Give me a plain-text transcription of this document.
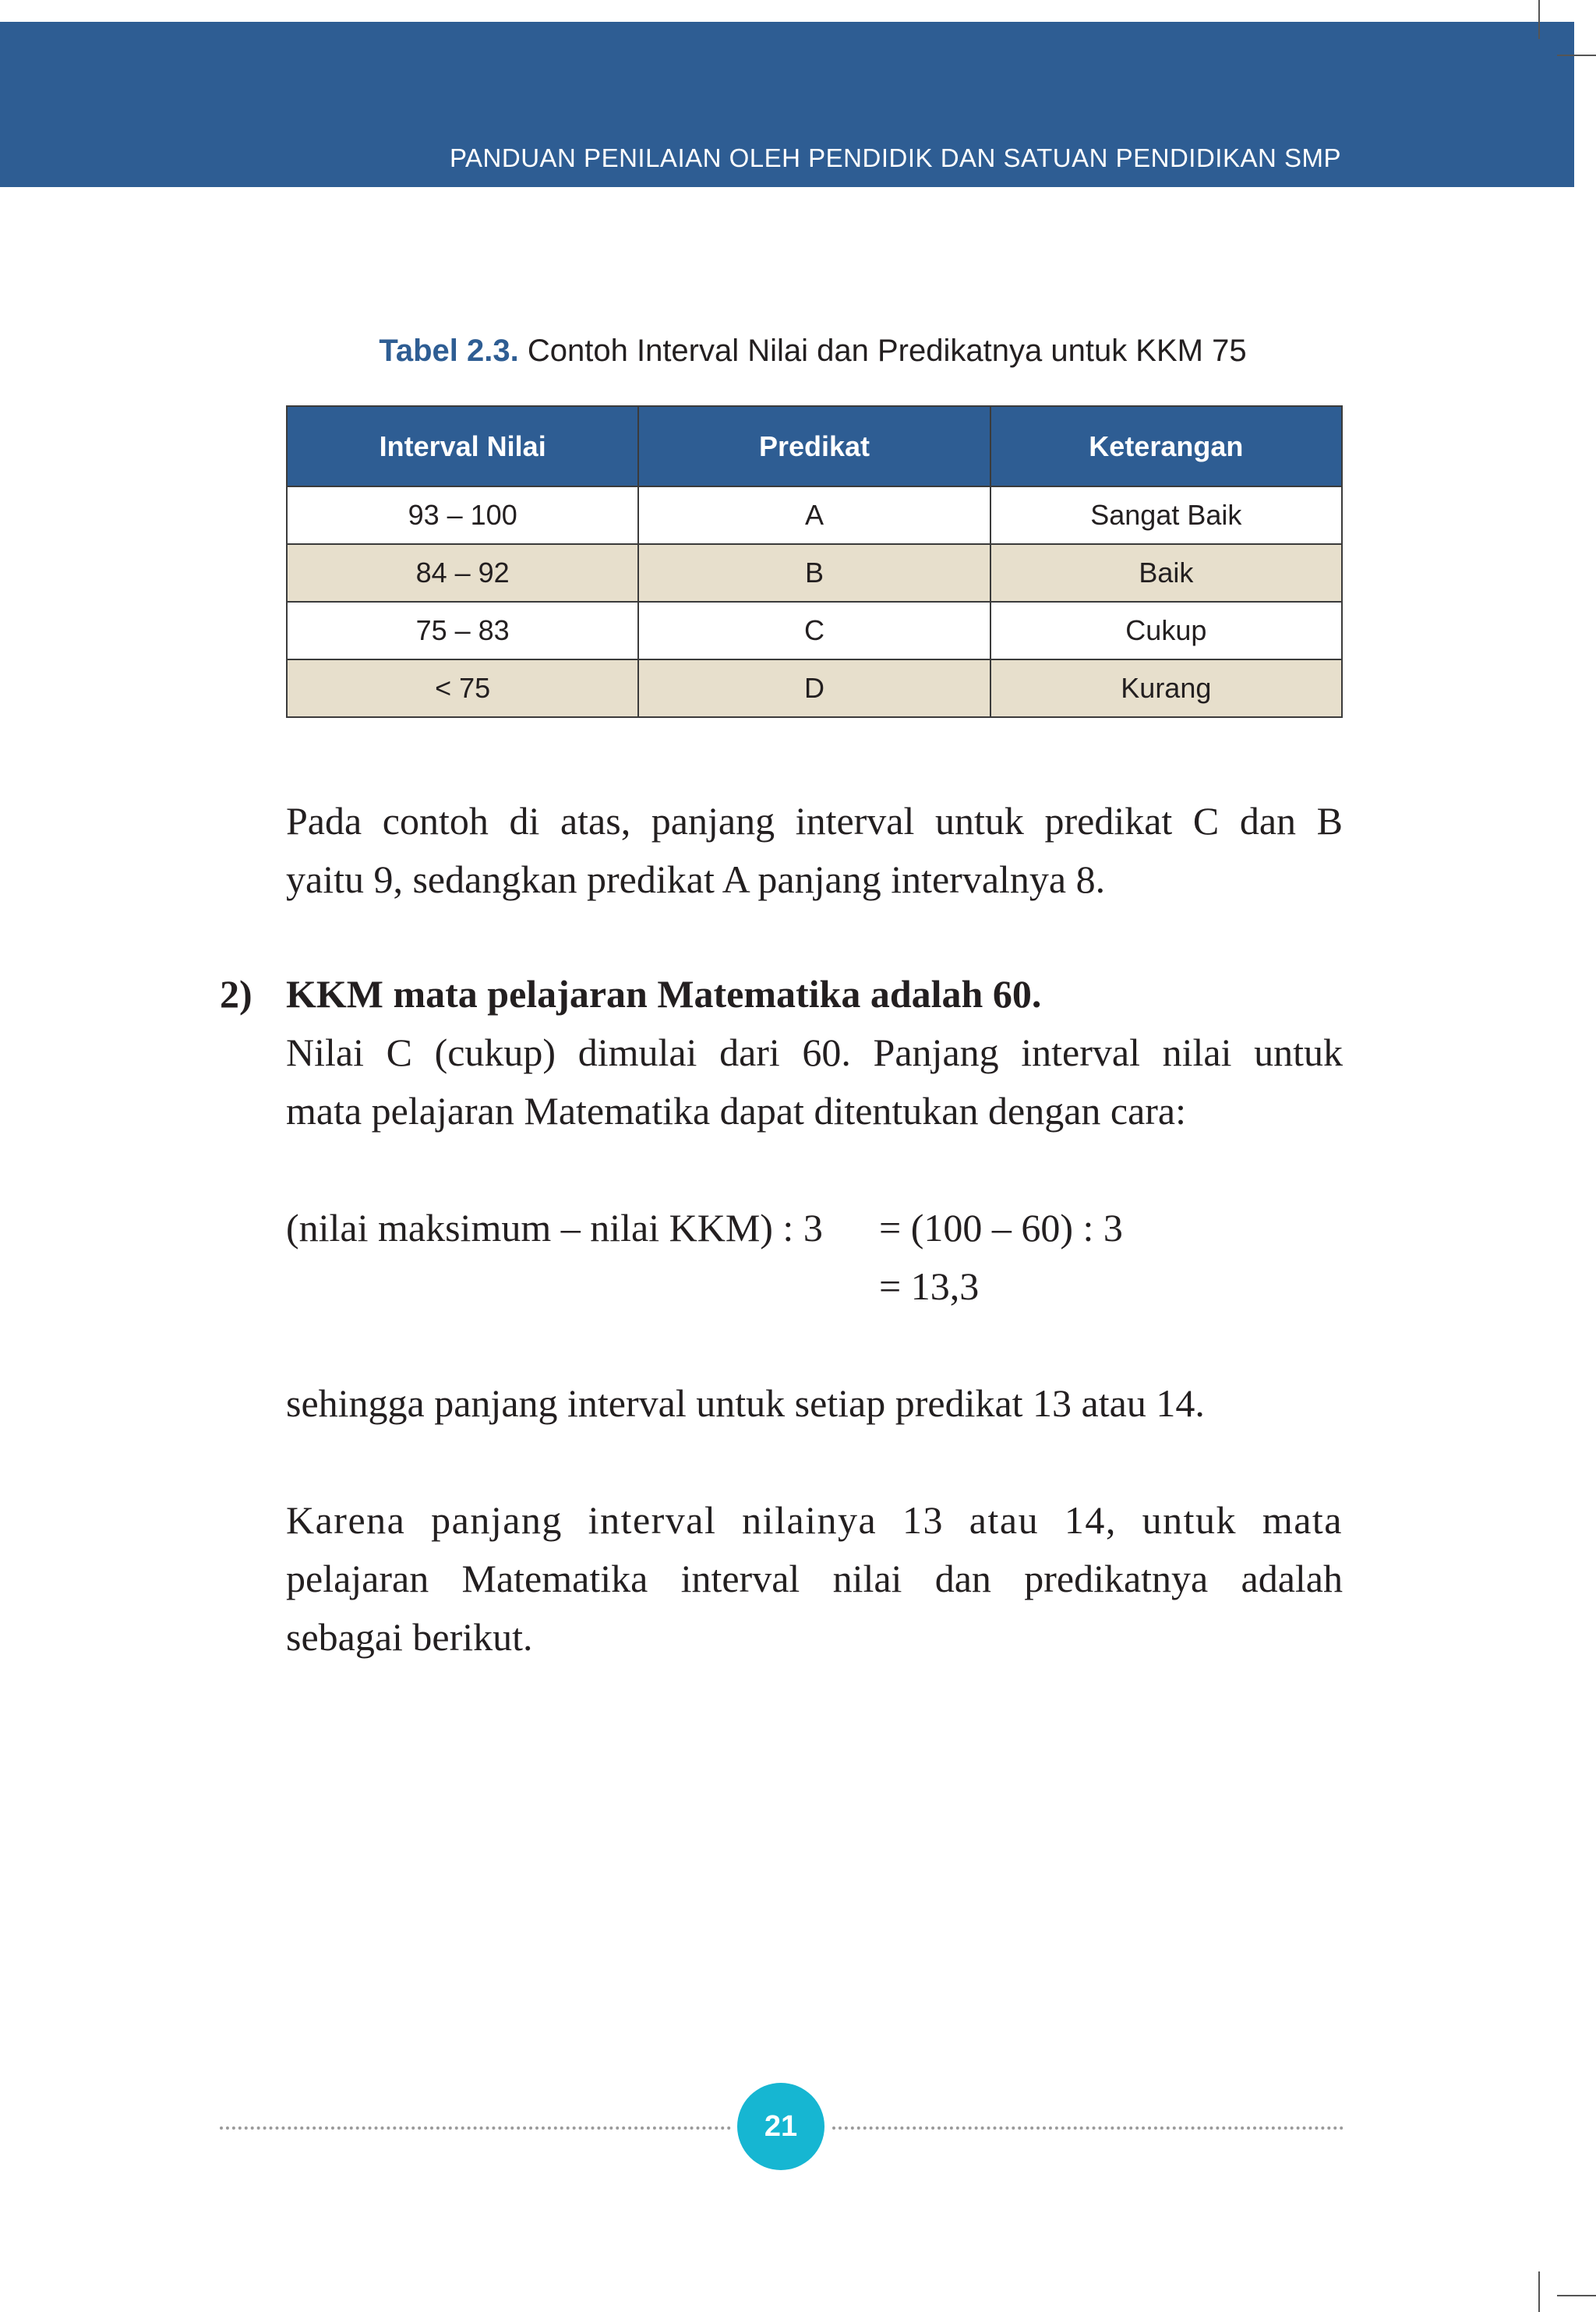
PANDUAN PENILAIAN OLEH PENDIDIK DAN SATUAN PENDIDIKAN SMP
Tabel 2.3. Contoh Interval Nilai dan Predikatnya untuk KKM 75
Interval Nilai	Predikat	Keterangan
93 – 100	A	Sangat Baik
84 – 92	B	Baik
75 – 83	C	Cukup
< 75	D	Kurang
Pada contoh di atas, panjang interval untuk predikat C dan B
yaitu 9, sedangkan predikat A panjang intervalnya 8.
2) KKM mata pelajaran Matematika adalah 60.
Nilai C (cukup) dimulai dari 60. Panjang interval nilai untuk
mata pelajaran Matematika dapat ditentukan dengan cara:
(nilai maksimum – nilai KKM) : 3 = (100 – 60) : 3
= 13,3
sehingga panjang interval untuk setiap predikat 13 atau 14.
Karena panjang interval nilainya 13 atau 14, untuk mata
pelajaran Matematika interval nilai dan predikatnya adalah
sebagai berikut.
21
